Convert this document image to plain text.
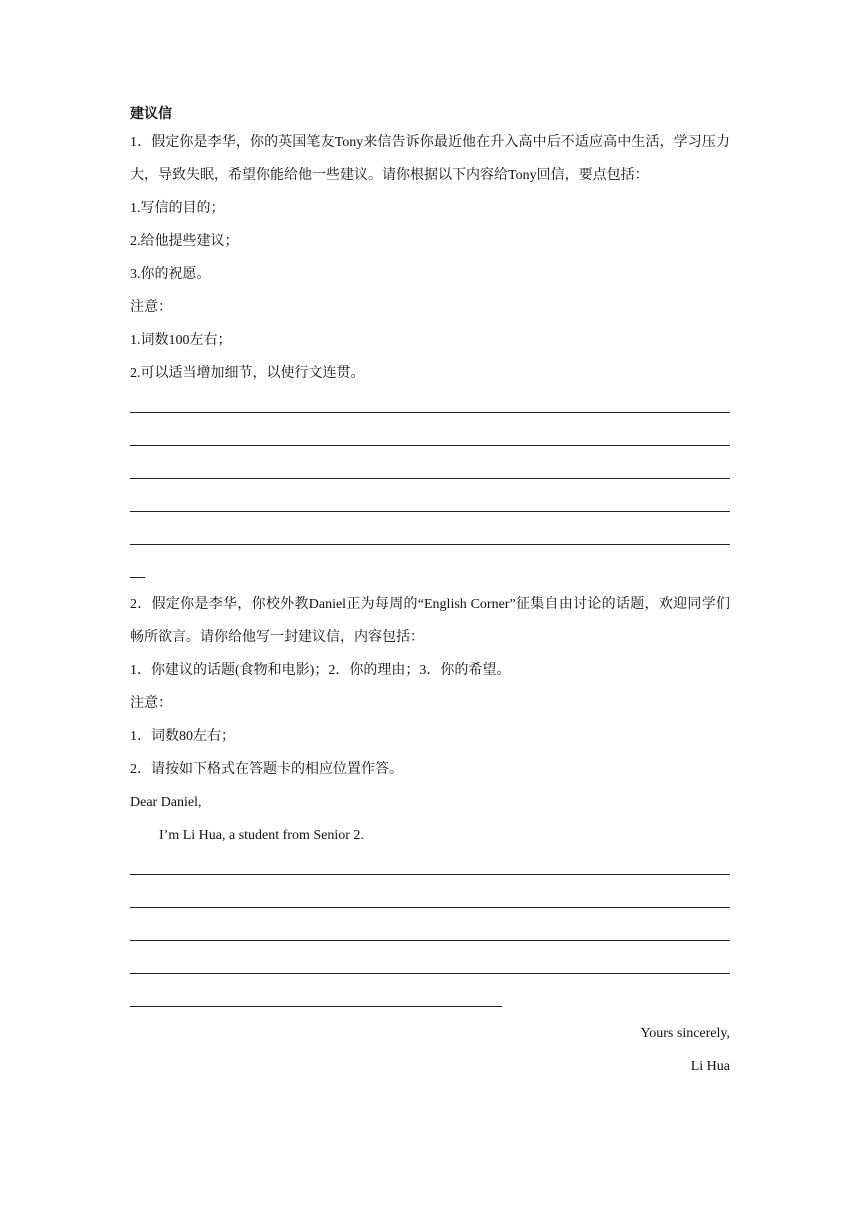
建议信
1．假定你是李华，你的英国笔友Tony来信告诉你最近他在升入高中后不适应高中生活，学习压力大，导致失眠，希望你能给他一些建议。请你根据以下内容给Tony回信，要点包括：
1.写信的目的；
2.给他提些建议；
3.你的祝愿。
注意：
1.词数100左右；
2.可以适当增加细节，以使行文连贯。
2．假定你是李华，你校外教Daniel正为每周的“English Corner”征集自由讨论的话题，欢迎同学们畅所欲言。请你给他写一封建议信，内容包括：
1．你建议的话题(食物和电影)；2．你的理由；3．你的希望。
注意：
1．词数80左右；
2．请按如下格式在答题卡的相应位置作答。
Dear Daniel,
I’m Li Hua, a student from Senior 2.
Yours sincerely,
Li Hua
